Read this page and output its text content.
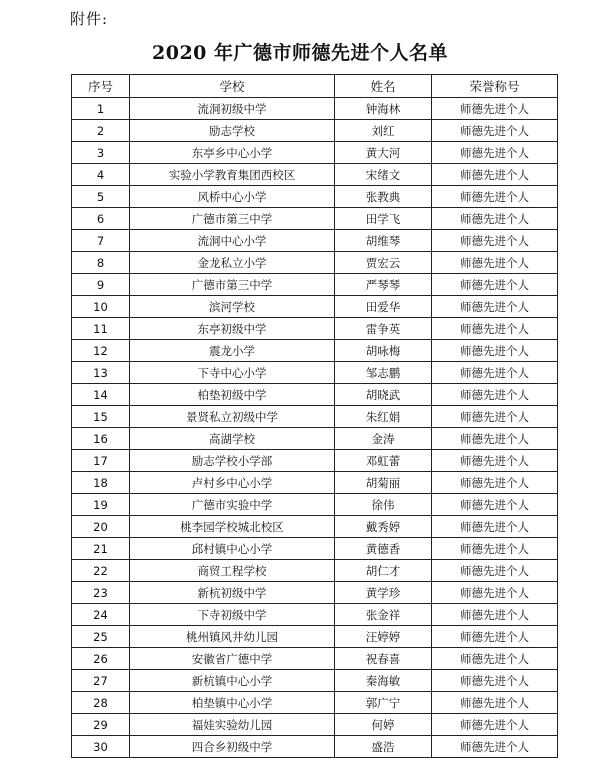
附件:
2020 年广德市师德先进个人名单
序号	学校	姓名	荣誉称号
1	流洞初级中学	钟海林	师德先进个人
2	励志学校	刘红	师德先进个人
3	东亭乡中心小学	黄大河	师德先进个人
4	实验小学教育集团西校区	宋绪文	师德先进个人
5	风桥中心小学	张教典	师德先进个人
6	广德市第三中学	田学飞	师德先进个人
7	流洞中心小学	胡维琴	师德先进个人
8	金龙私立小学	贾宏云	师德先进个人
9	广德市第三中学	严琴琴	师德先进个人
10	滨河学校	田爱华	师德先进个人
11	东亭初级中学	雷争英	师德先进个人
12	震龙小学	胡咏梅	师德先进个人
13	下寺中心小学	邹志鹏	师德先进个人
14	柏垫初级中学	胡晓武	师德先进个人
15	景贤私立初级中学	朱红娟	师德先进个人
16	高湖学校	金涛	师德先进个人
17	励志学校小学部	邓虹蕾	师德先进个人
18	卢村乡中心小学	胡菊丽	师德先进个人
19	广德市实验中学	徐伟	师德先进个人
20	桃李园学校城北校区	戴秀婷	师德先进个人
21	邱村镇中心小学	黄德香	师德先进个人
22	商贸工程学校	胡仁才	师德先进个人
23	新杭初级中学	黄学珍	师德先进个人
24	下寺初级中学	张金祥	师德先进个人
25	桃州镇风井幼儿园	汪婷婷	师德先进个人
26	安徽省广德中学	祝春喜	师德先进个人
27	新杭镇中心小学	秦海敏	师德先进个人
28	柏垫镇中心小学	郭广宁	师德先进个人
29	福娃实验幼儿园	何婷	师德先进个人
30	四合乡初级中学	盛浩	师德先进个人
